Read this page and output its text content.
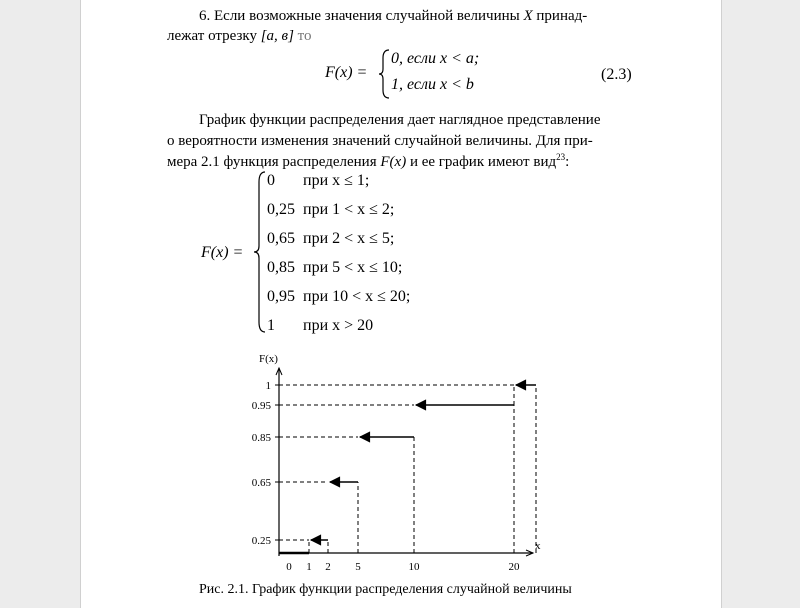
6. Если возможные значения случайной величины X принад-
лежат отрезку [a, в] то
F(x) =
0, если x < a;
1, если x < b
(2.3)
График функции распределения дает наглядное представление
о вероятности изменения значений случайной величины. Для при-
мера 2.1 функция распределения F(x) и ее график имеют вид$^{23}$:
F(x) =
0       при x ≤ 1;
0,25  при 1 < x ≤ 2;
0,65  при 2 < x ≤ 5;
0,85  при 5 < x ≤ 10;
0,95  при 10 < x ≤ 20;
1       при x > 20
F(x)
x
0.25
0.65
0.85
0.95
1
0 1 2 5	10	20
Рис. 2.1. График функции распределения случайной величины
